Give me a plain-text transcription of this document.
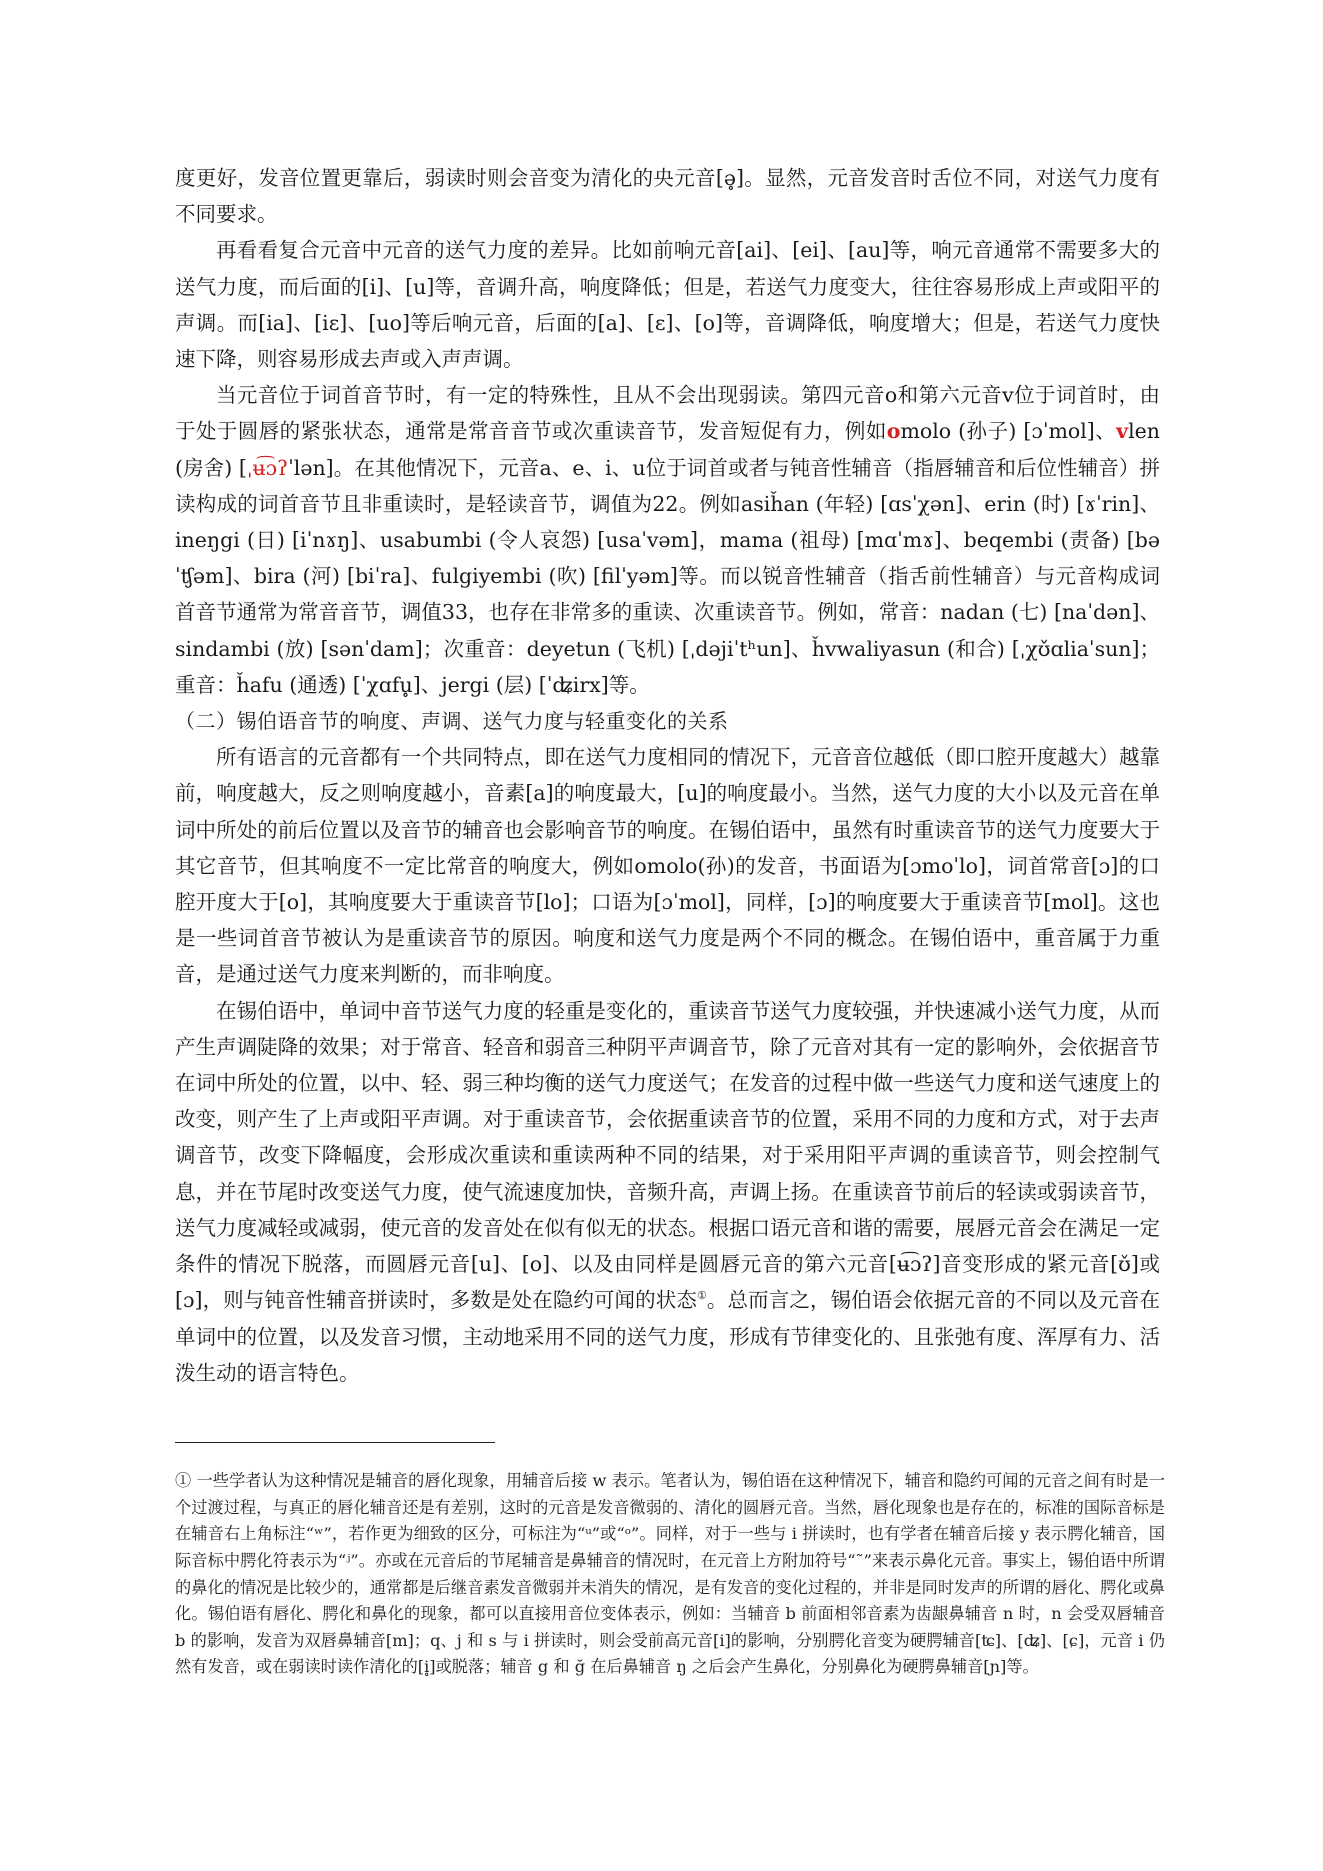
度更好，发音位置更靠后，弱读时则会音变为清化的央元音[ə̥]。显然，元音发音时舌位不同，对送气力度有不同要求。

再看看复合元音中元音的送气力度的差异。比如前响元音[ai]、[ei]、[au]等，响元音通常不需要多大的送气力度，而后面的[i]、[u]等，音调升高，响度降低；但是，若送气力度变大，往往容易形成上声或阳平的声调。而[ia]、[iɛ]、[uo]等后响元音，后面的[a]、[ɛ]、[o]等，音调降低，响度增大；但是，若送气力度快速下降，则容易形成去声或入声声调。

当元音位于词首音节时，有一定的特殊性，且从不会出现弱读。第四元音o和第六元音v位于词首时，由于处于圆唇的紧张状态，通常是常音音节或次重读音节，发音短促有力，例如omolo (孙子) [ɔˈmol]、vlen (房舍) [ˌʉ͡ɔʔˈlən]。在其他情况下，元音a、e、i、u位于词首或者与钝音性辅音（指唇辅音和后位性辅音）拼读构成的词首音节且非重读时，是轻读音节，调值为22。例如asiȟan (年轻) [ɑsˈχən]、erin (时) [ɤˈrin]、ineŋgi (日) [iˈnɤŋ]、usabumbi (令人哀怨) [usaˈvəm]，mama (祖母) [mɑˈmɤ]、beqembi (责备) [bəˈʧəm]、bira (河) [biˈra]、fulgiyembi (吹) [filˈyəm]等。而以锐音性辅音（指舌前性辅音）与元音构成词首音节通常为常音音节，调值33，也存在非常多的重读、次重读音节。例如，常音：nadan (七) [naˈdən]、sindambi (放) [sənˈdam]；次重音：deyetun (飞机) [ˌdəjiˈtʰun]、ȟvwaliyasun (和合) [ˌχʊ̌ɑliaˈsun]；重音：ȟafu (通透) [ˈχɑfu̥]、jergi (层) [ˈʥirx]等。

（二）锡伯语音节的响度、声调、送气力度与轻重变化的关系

所有语言的元音都有一个共同特点，即在送气力度相同的情况下，元音音位越低（即口腔开度越大）越靠前，响度越大，反之则响度越小，音素[a]的响度最大，[u]的响度最小。当然，送气力度的大小以及元音在单词中所处的前后位置以及音节的辅音也会影响音节的响度。在锡伯语中，虽然有时重读音节的送气力度要大于其它音节，但其响度不一定比常音的响度大，例如omolo(孙)的发音，书面语为[ɔmoˈlo]，词首常音[ɔ]的口腔开度大于[o]，其响度要大于重读音节[lo]；口语为[ɔˈmol]，同样，[ɔ]的响度要大于重读音节[mol]。这也是一些词首音节被认为是重读音节的原因。响度和送气力度是两个不同的概念。在锡伯语中，重音属于力重音，是通过送气力度来判断的，而非响度。

在锡伯语中，单词中音节送气力度的轻重是变化的，重读音节送气力度较强，并快速减小送气力度，从而产生声调陡降的效果；对于常音、轻音和弱音三种阴平声调音节，除了元音对其有一定的影响外，会依据音节在词中所处的位置，以中、轻、弱三种均衡的送气力度送气；在发音的过程中做一些送气力度和送气速度上的改变，则产生了上声或阳平声调。对于重读音节，会依据重读音节的位置，采用不同的力度和方式，对于去声调音节，改变下降幅度，会形成次重读和重读两种不同的结果，对于采用阳平声调的重读音节，则会控制气息，并在节尾时改变送气力度，使气流速度加快，音频升高，声调上扬。在重读音节前后的轻读或弱读音节，送气力度减轻或减弱，使元音的发音处在似有似无的状态。根据口语元音和谐的需要，展唇元音会在满足一定条件的情况下脱落，而圆唇元音[u]、[o]、以及由同样是圆唇元音的第六元音[ʉ͡ɔʔ]音变形成的紧元音[ʊ̌]或[ɔ]，则与钝音性辅音拼读时，多数是处在隐约可闻的状态①。总而言之，锡伯语会依据元音的不同以及元音在单词中的位置，以及发音习惯，主动地采用不同的送气力度，形成有节律变化的、且张弛有度、浑厚有力、活泼生动的语言特色。

① 一些学者认为这种情况是辅音的唇化现象，用辅音后接 w 表示。笔者认为，锡伯语在这种情况下，辅音和隐约可闻的元音之间有时是一个过渡过程，与真正的唇化辅音还是有差别，这时的元音是发音微弱的、清化的圆唇元音。当然，唇化现象也是存在的，标准的国际音标是在辅音右上角标注“ʷ”，若作更为细致的区分，可标注为“ᵘ”或“ᵒ”。同样，对于一些与 i 拼读时，也有学者在辅音后接 y 表示腭化辅音，国际音标中腭化符表示为“ʲ”。亦或在元音后的节尾辅音是鼻辅音的情况时，在元音上方附加符号“˜”来表示鼻化元音。事实上，锡伯语中所谓的鼻化的情况是比较少的，通常都是后继音素发音微弱并未消失的情况，是有发音的变化过程的，并非是同时发声的所谓的唇化、腭化或鼻化。锡伯语有唇化、腭化和鼻化的现象，都可以直接用音位变体表示，例如：当辅音 b 前面相邻音素为齿龈鼻辅音 n 时，n 会受双唇辅音 b 的影响，发音为双唇鼻辅音[m]；q、j 和 s 与 i 拼读时，则会受前高元音[i]的影响，分别腭化音变为硬腭辅音[ʨ]、[ʥ]、[ɕ]，元音 i 仍然有发音，或在弱读时读作清化的[i̥]或脱落；辅音 g 和 ğ 在后鼻辅音 ŋ 之后会产生鼻化，分别鼻化为硬腭鼻辅音[ɲ]等。
